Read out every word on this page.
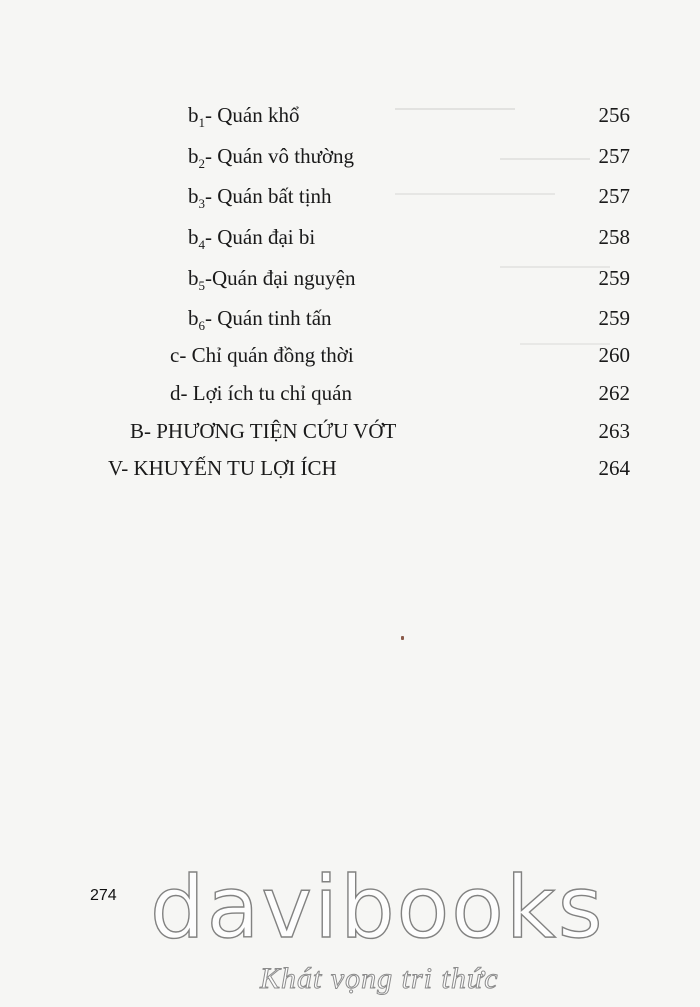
$b_1-$ Quán khổ	256
$b_2-$ Quán vô thường	257
$b_3-$ Quán bất tịnh	257
$b_4-$ Quán đại bi	258
$b_5$-Quán đại nguyện	259
$b_6-$ Quán tinh tấn	259
c- Chỉ quán đồng thời	260
d- Lợi ích tu chỉ quán	262
B- PHƯƠNG TIỆN CỨU VỚT	263
V- KHUYẾN TU LỢI ÍCH	264
274 davibooks
Khát vọng tri thức
